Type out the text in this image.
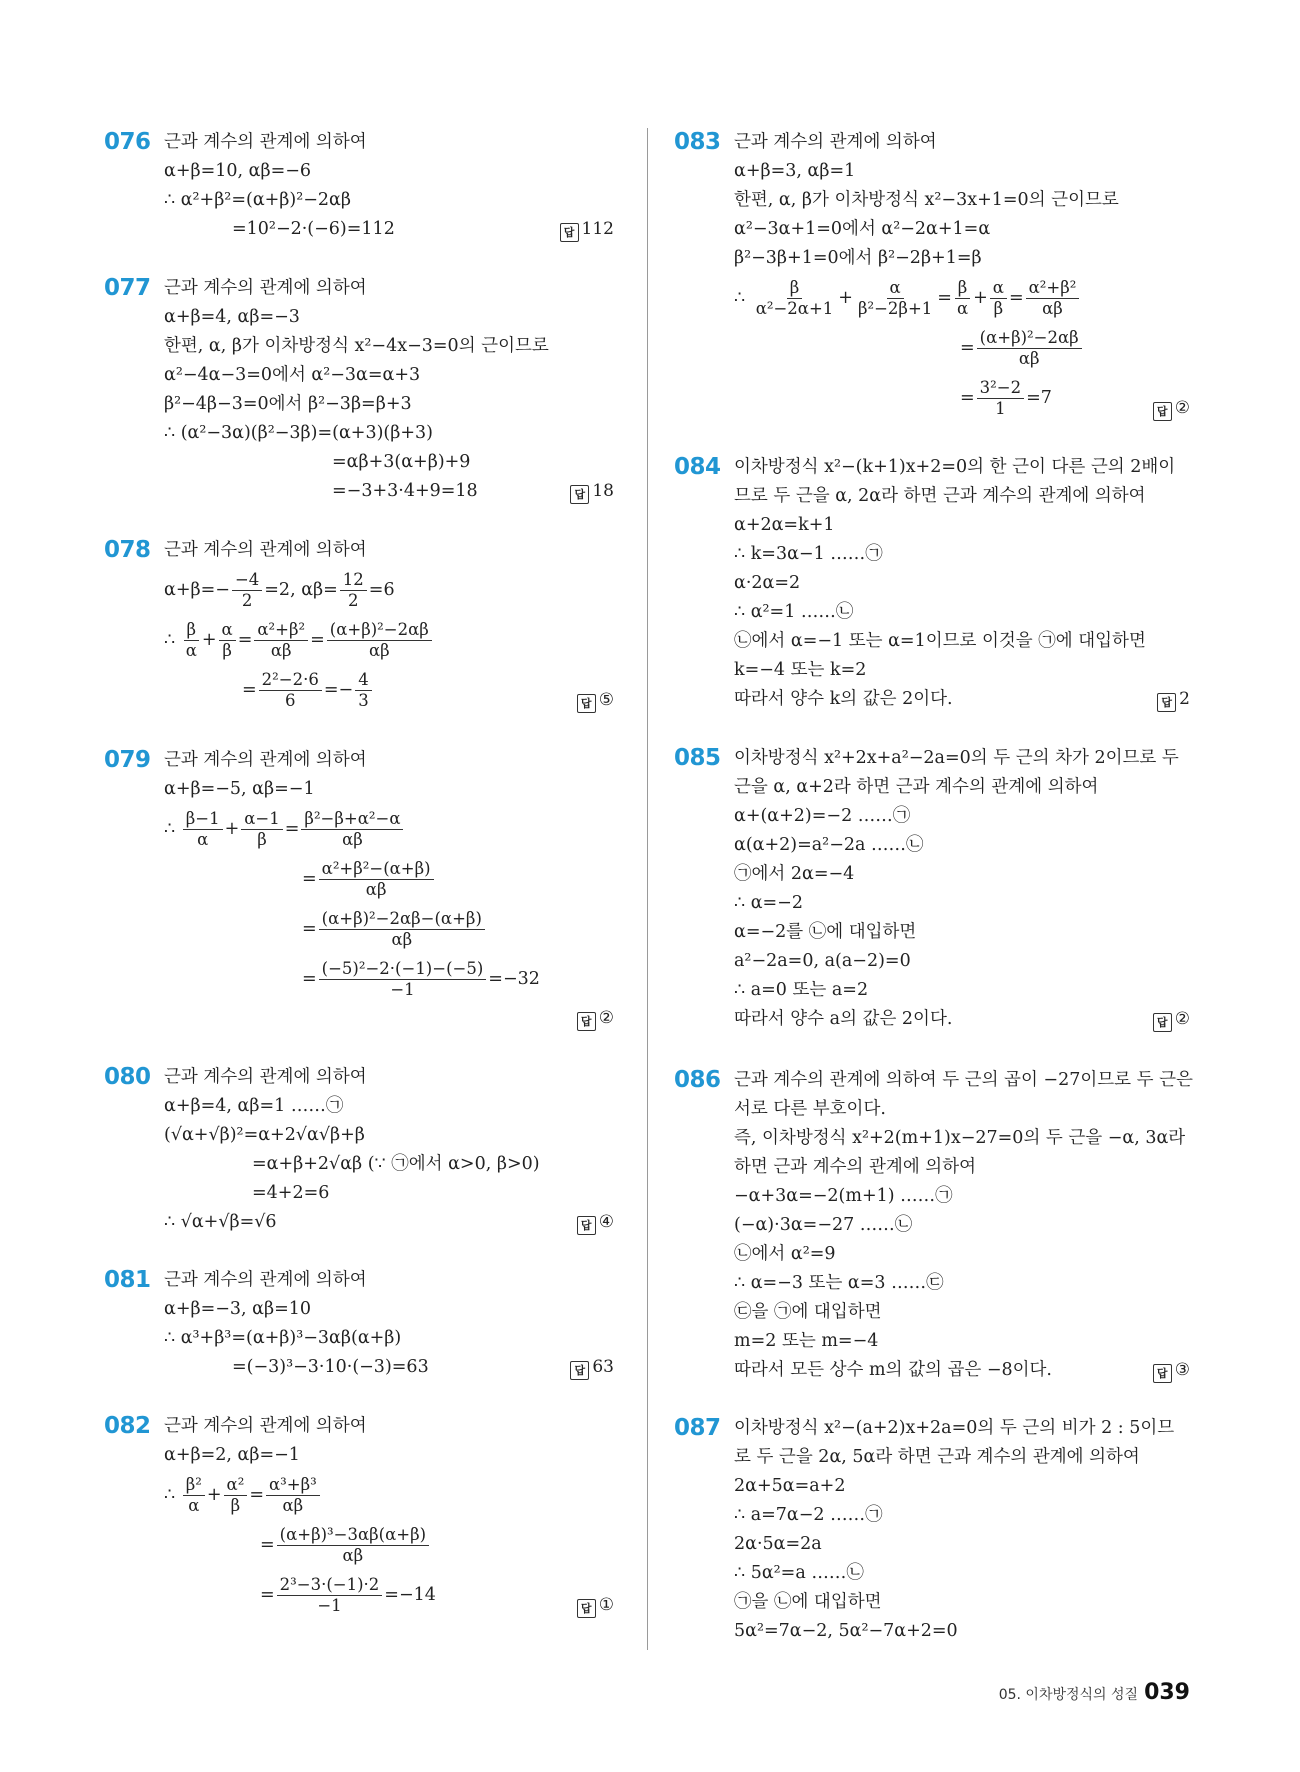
076 근과 계수의 관계에 의하여
α+β=10, αβ=−6
∴ α²+β²=(α+β)²−2αβ
=10²−2·(−6)=112	답 112
077 근과 계수의 관계에 의하여
α+β=4, αβ=−3
한편, α, β가 이차방정식 x²−4x−3=0의 근이므로
α²−4α−3=0에서 α²−3α=α+3
β²−4β−3=0에서 β²−3β=β+3
∴ (α²−3α)(β²−3β)=(α+3)(β+3)
=αβ+3(α+β)+9
=−3+3·4+9=18	답 18
078 근과 계수의 관계에 의하여
$\alpha+\beta=- \frac{-4}{2} =2$, $\alpha\beta= \frac{12}{2} =6$
∴ $\frac{\beta}{\alpha} + \frac{\alpha}{\beta} = \frac{\text{α²+β²}}{\alpha\beta} = \frac{\text{(α+β)²−2αβ}}{\alpha\beta}$
= $\frac{\text{2²−2·6}}{6} =- \frac{4}{3}$	답 ⑤
079 근과 계수의 관계에 의하여
α+β=−5, αβ=−1
∴ $\frac{\beta-1}{\alpha} + \frac{\alpha-1}{\beta} = \frac{\text{β²−β+α²−α}}{\alpha\beta}$
= $\frac{\text{α²+β²−(α+β)}}{\alpha\beta}$
= $\frac{\text{(α+β)²−2αβ−(α+β)}}{\alpha\beta}$
= $\frac{\text{(−5)²−2·(−1)−(−5)}}{-1} =-32$
답 ②
080 근과 계수의 관계에 의하여
α+β=4, αβ=1 ……㉠
(√α+√β)²=α+2√α√β+β
=α+β+2√αβ (∵ ㉠에서 α>0, β>0)
=4+2=6
∴ √α+√β=√6	답 ④
081 근과 계수의 관계에 의하여
α+β=−3, αβ=10
∴ α³+β³=(α+β)³−3αβ(α+β)
=(−3)³−3·10·(−3)=63	답 63
082 근과 계수의 관계에 의하여
α+β=2, αβ=−1
∴ $\frac{\text{β²}}{\alpha} + \frac{\text{α²}}{\beta} = \frac{\text{α³+β³}}{\alpha\beta}$
= $\frac{\text{(α+β)³−3αβ(α+β)}}{\alpha\beta}$
= $\frac{\text{2³−3·(−1)·2}}{-1} =-14$
답 ①
083 근과 계수의 관계에 의하여
α+β=3, αβ=1
한편, α, β가 이차방정식 x²−3x+1=0의 근이므로
α²−3α+1=0에서 α²−2α+1=α
β²−3β+1=0에서 β²−2β+1=β
∴ $\frac{\beta}{\text{α²−2α+1}} + \frac{\alpha}{\text{β²−2β+1}} = \frac{\beta}{\alpha} + \frac{\alpha}{\beta} = \frac{\text{α²+β²}}{\alpha\beta}$
= $\frac{\text{(α+β)²−2αβ}}{\alpha\beta}$
= $\frac{\text{3²−2}}{1} =7$
답 ②
084 이차방정식 x²−(k+1)x+2=0의 한 근이 다른 근의 2배이
므로 두 근을 α, 2α라 하면 근과 계수의 관계에 의하여
α+2α=k+1
∴ k=3α−1 ……㉠
α·2α=2
∴ α²=1 ……㉡
㉡에서 α=−1 또는 α=1이므로 이것을 ㉠에 대입하면
k=−4 또는 k=2
따라서 양수 k의 값은 2이다.	답 2
085 이차방정식 x²+2x+a²−2a=0의 두 근의 차가 2이므로 두
근을 α, α+2라 하면 근과 계수의 관계에 의하여
α+(α+2)=−2 ……㉠
α(α+2)=a²−2a ……㉡
㉠에서 2α=−4
∴ α=−2
α=−2를 ㉡에 대입하면
a²−2a=0, a(a−2)=0
∴ a=0 또는 a=2
따라서 양수 a의 값은 2이다.	답 ②
086 근과 계수의 관계에 의하여 두 근의 곱이 −27이므로 두 근은
서로 다른 부호이다.
즉, 이차방정식 x²+2(m+1)x−27=0의 두 근을 −α, 3α라
하면 근과 계수의 관계에 의하여
−α+3α=−2(m+1) ……㉠
(−α)·3α=−27 ……㉡
㉡에서 α²=9
∴ α=−3 또는 α=3 ……㉢
㉢을 ㉠에 대입하면
m=2 또는 m=−4
따라서 모든 상수 m의 값의 곱은 −8이다.	답 ③
087 이차방정식 x²−(a+2)x+2a=0의 두 근의 비가 2 : 5이므
로 두 근을 2α, 5α라 하면 근과 계수의 관계에 의하여
2α+5α=a+2
∴ a=7α−2 ……㉠
2α·5α=2a
∴ 5α²=a ……㉡
㉠을 ㉡에 대입하면
5α²=7α−2, 5α²−7α+2=0
05. 이차방정식의 성질 039
